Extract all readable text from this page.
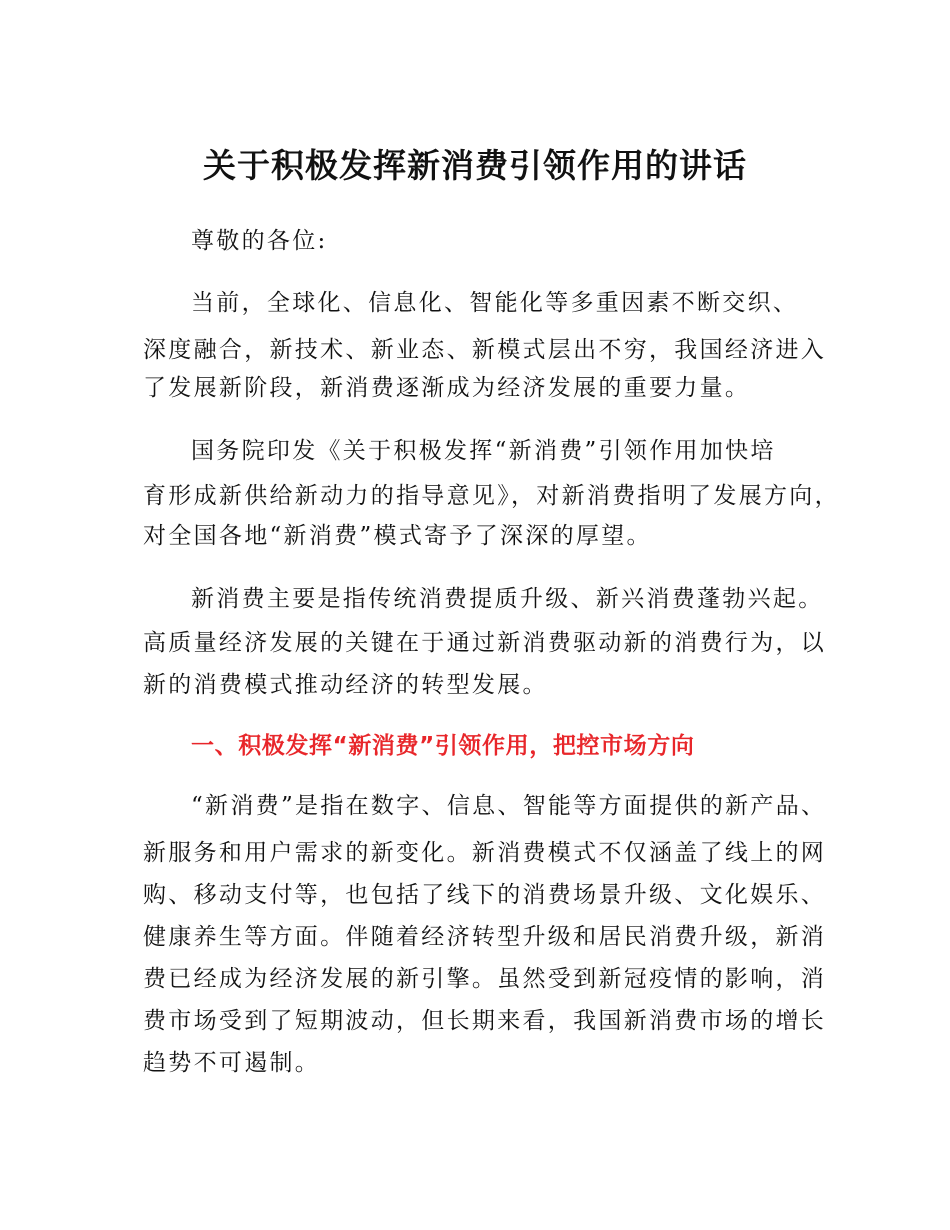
关于积极发挥新消费引领作用的讲话

尊敬的各位:

当前，全球化、信息化、智能化等多重因素不断交织、

深度融合，新技术、新业态、新模式层出不穷，我国经济进入

了发展新阶段，新消费逐渐成为经济发展的重要力量。

国务院印发《关于积极发挥“新消费”引领作用加快培

育形成新供给新动力的指导意见》，对新消费指明了发展方向，

对全国各地“新消费”模式寄予了深深的厚望。

新消费主要是指传统消费提质升级、新兴消费蓬勃兴起。

高质量经济发展的关键在于通过新消费驱动新的消费行为，以

新的消费模式推动经济的转型发展。

一、积极发挥“新消费”引领作用，把控市场方向

“新消费”是指在数字、信息、智能等方面提供的新产品、

新服务和用户需求的新变化。新消费模式不仅涵盖了线上的网

购、移动支付等，也包括了线下的消费场景升级、文化娱乐、

健康养生等方面。伴随着经济转型升级和居民消费升级，新消

费已经成为经济发展的新引擎。虽然受到新冠疫情的影响，消

费市场受到了短期波动，但长期来看，我国新消费市场的增长

趋势不可遏制。
